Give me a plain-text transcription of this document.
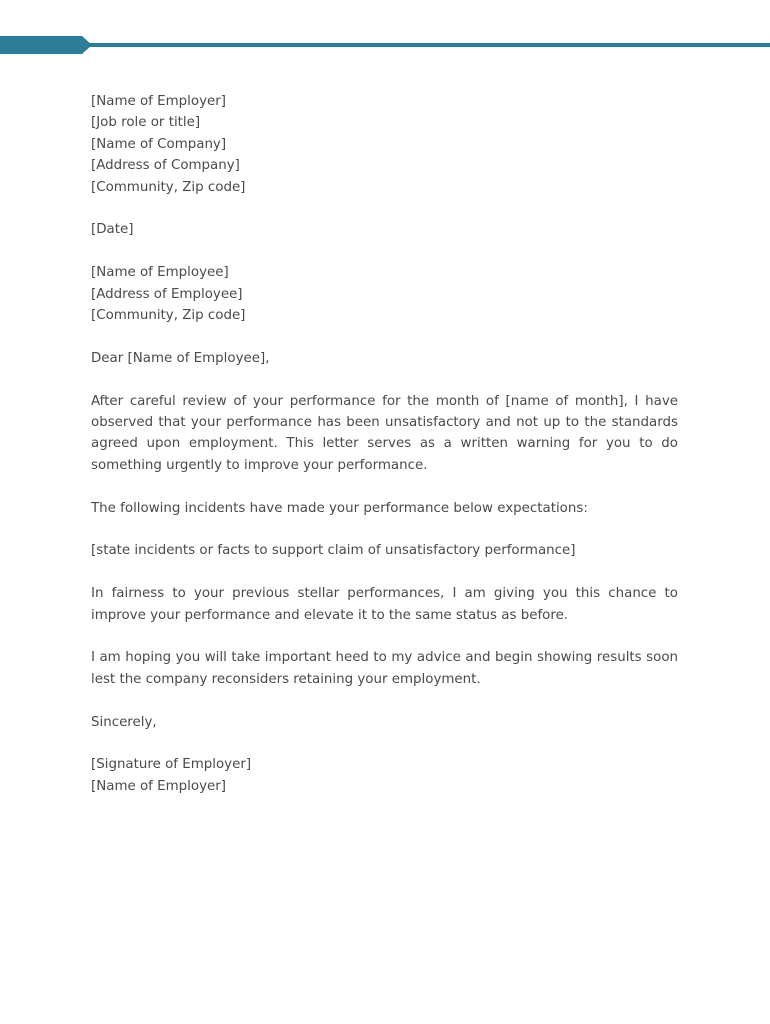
[Name of Employer]
[Job role or title]
[Name of Company]
[Address of Company]
[Community, Zip code]
[Date]
[Name of Employee]
[Address of Employee]
[Community, Zip code]
Dear [Name of Employee],
After careful review of your performance for the month of [name of month], I have observed that your performance has been unsatisfactory and not up to the standards agreed upon employment. This letter serves as a written warning for you to do something urgently to improve your performance.
The following incidents have made your performance below expectations:
[state incidents or facts to support claim of unsatisfactory performance]
In fairness to your previous stellar performances, I am giving you this chance to improve your performance and elevate it to the same status as before.
I am hoping you will take important heed to my advice and begin showing results soon lest the company reconsiders retaining your employment.
Sincerely,
[Signature of Employer]
[Name of Employer]
